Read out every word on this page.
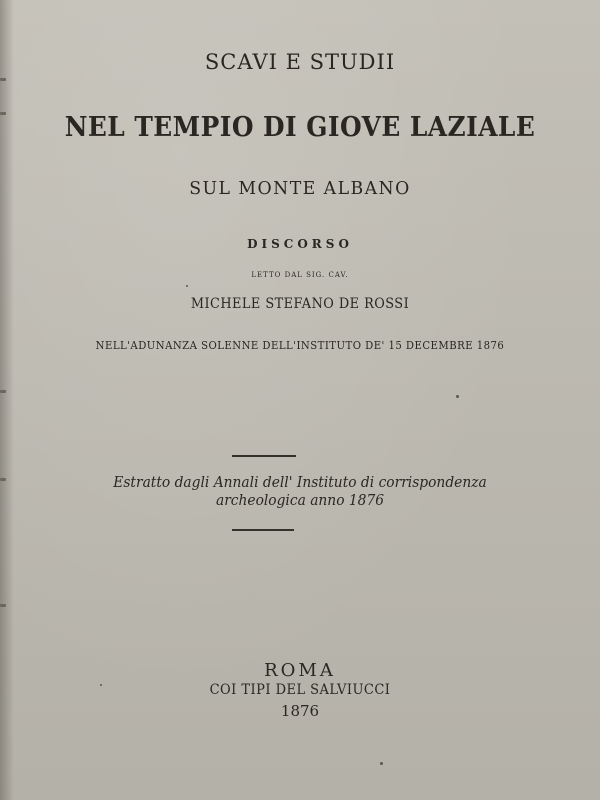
SCAVI E STUDII

NEL TEMPIO DI GIOVE LAZIALE

SUL MONTE ALBANO

DISCORSO

LETTO DAL SIG. CAV.

MICHELE STEFANO DE ROSSI

NELL'ADUNANZA SOLENNE DELL'INSTITUTO DE' 15 DECEMBRE 1876

Estratto dagli Annali dell' Instituto di corrispondenza
archeologica anno 1876

ROMA

COI TIPI DEL SALVIUCCI

1876
